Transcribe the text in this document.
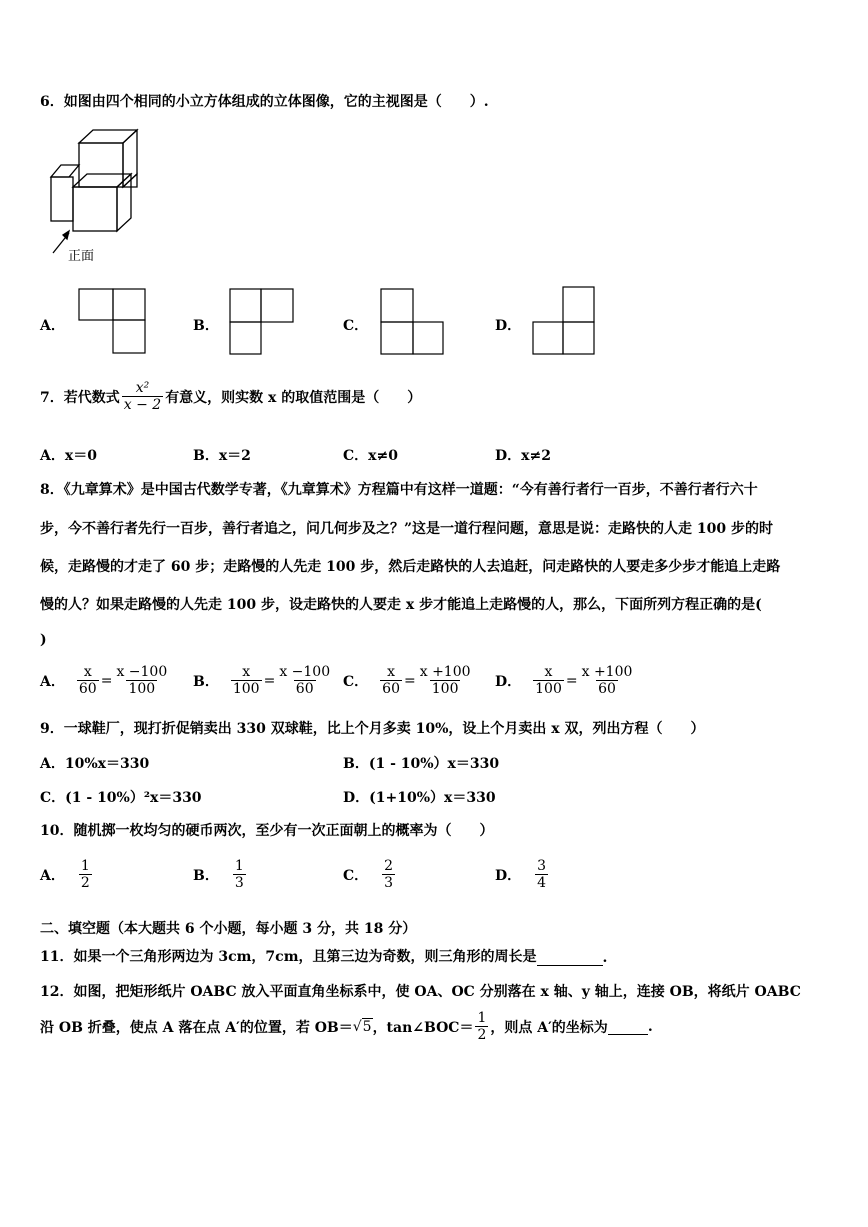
6．如图由四个相同的小立方体组成的立体图像，它的主视图是（　　）.
正面
A．	B．	C．	D．
7．若代数式 $\frac{\text{x²}}{x - 2}$ 有意义，则实数 x 的取值范围是（　　）
A．x＝0	B．x＝2	C．x≠0	D．x≠2
8．《九章算术》是中国古代数学专著，《九章算术》方程篇中有这样一道题：“今有善行者行一百步，不善行者行六十
步，今不善行者先行一百步，善行者追之，问几何步及之？”这是一道行程问题，意思是说：走路快的人走 100 步的时
候，走路慢的才走了 60 步；走路慢的人先走 100 步，然后走路快的人去追赶，问走路快的人要走多少步才能追上走路
慢的人？如果走路慢的人先走 100 步，设走路快的人要走 x 步才能追上走路慢的人，那么，下面所列方程正确的是(
)
A． $\frac{x}{60} = \frac{x -100}{100}$ B． $\frac{x}{100} = \frac{x -100}{60}$ C． $\frac{x}{60} = \frac{x +100}{100}$ D． $\frac{x}{100} = \frac{x +100}{60}$
9．一球鞋厂，现打折促销卖出 330 双球鞋，比上个月多卖 10%，设上个月卖出 x 双，列出方程（　　）
A．10%x＝330	B．(1 - 10%）x＝330
C．(1 - 10%）²x＝330	D．(1+10%）x＝330
10．随机掷一枚均匀的硬币两次，至少有一次正面朝上的概率为（　　）
A． $\frac{1}{2}$	B． $\frac{1}{3}$	C． $\frac{2}{3}$	D． $\frac{3}{4}$
二、填空题（本大题共 6 个小题，每小题 3 分，共 18 分）
11．如果一个三角形两边为 3cm，7cm，且第三边为奇数，则三角形的周长是	.
12．如图，把矩形纸片 OABC 放入平面直角坐标系中，使 OA、OC 分别落在 x 轴、y 轴上，连接 OB，将纸片 OABC
沿 OB 折叠，使点 A 落在点 A′的位置，若 OB＝ √5 ，tan∠BOC＝ $\frac{1}{2}$ ，则点 A′的坐标为	.
